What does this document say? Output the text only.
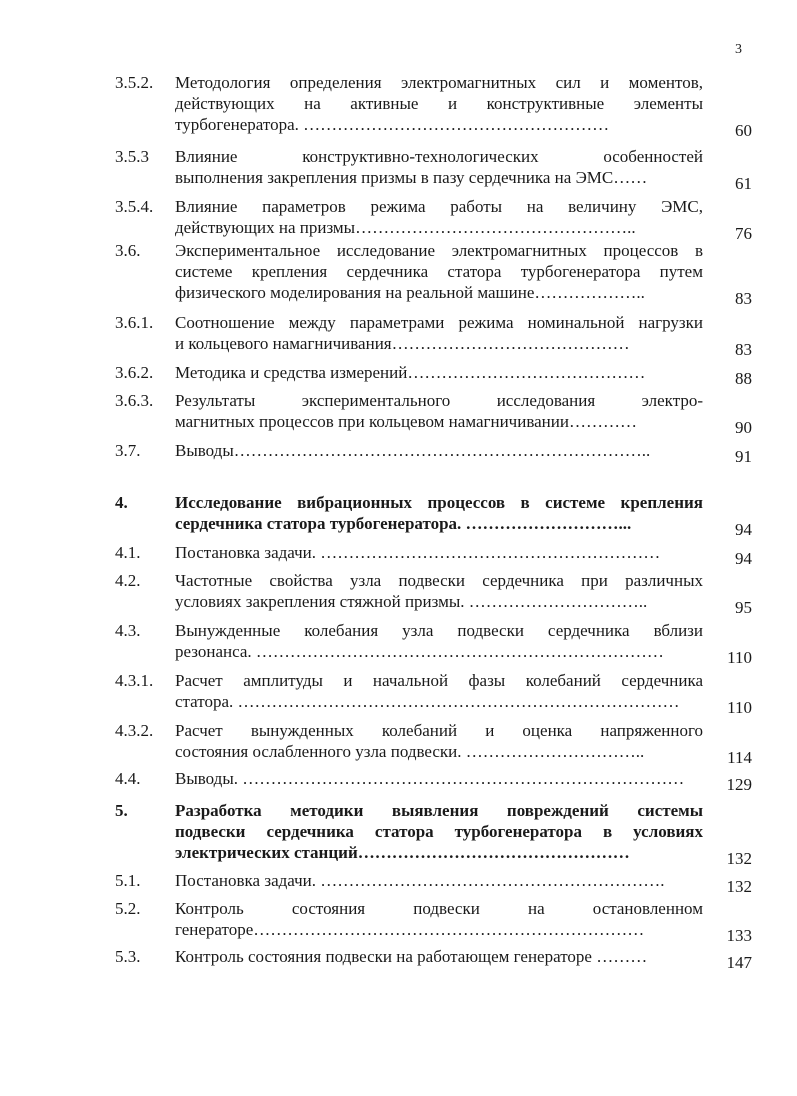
3
3.5.2. Методология определения электромагнитных сил и моментов,
действующих на активные и конструктивные элементы
турбогенератора. ………………………………………………	60
3.5.3 Влияние конструктивно-технологических особенностей
выполнения закрепления призмы в пазу сердечника на ЭМС……	61
3.5.4. Влияние параметров режима работы на величину ЭМС,
действующих на призмы…………………………………………..	76
3.6. Экспериментальное исследование электромагнитных процессов в
системе крепления сердечника статора турбогенератора путем
физического моделирования на реальной машине………………..	83
3.6.1. Соотношение между параметрами режима номинальной нагрузки
и кольцевого намагничивания……………………………………	83
3.6.2. Методика и средства измерений……………………………………	88
3.6.3. Результаты экспериментального исследования электро-
магнитных процессов при кольцевом намагничивании…………	90
3.7. Выводы………………………………………………………………..	91
4.	Исследование вибрационных процессов в системе крепления
сердечника статора турбогенератора. ………………………...	94
4.1. Постановка задачи. ……………………………………………………	94
4.2. Частотные свойства узла подвески сердечника при различных
условиях закрепления стяжной призмы. …………………………..	95
4.3. Вынужденные колебания узла подвески сердечника вблизи
резонанса. ………………………………………………………………	110
4.3.1. Расчет амплитуды и начальной фазы колебаний сердечника
статора. ……………………………………………………………………	110
4.3.2. Расчет вынужденных колебаний и оценка напряженного
состояния ослабленного узла подвески. …………………………..	114
4.4. Выводы. ……………………………………………………………………	129
5.	Разработка методики выявления повреждений системы
подвески сердечника статора турбогенератора в условиях
электрических станций…………………………………………	132
5.1. Постановка задачи. …………………………………………………….	132
5.2. Контроль состояния подвески на остановленном
генераторе……………………………………………………………	133
5.3. Контроль состояния подвески на работающем генераторе ………	147
